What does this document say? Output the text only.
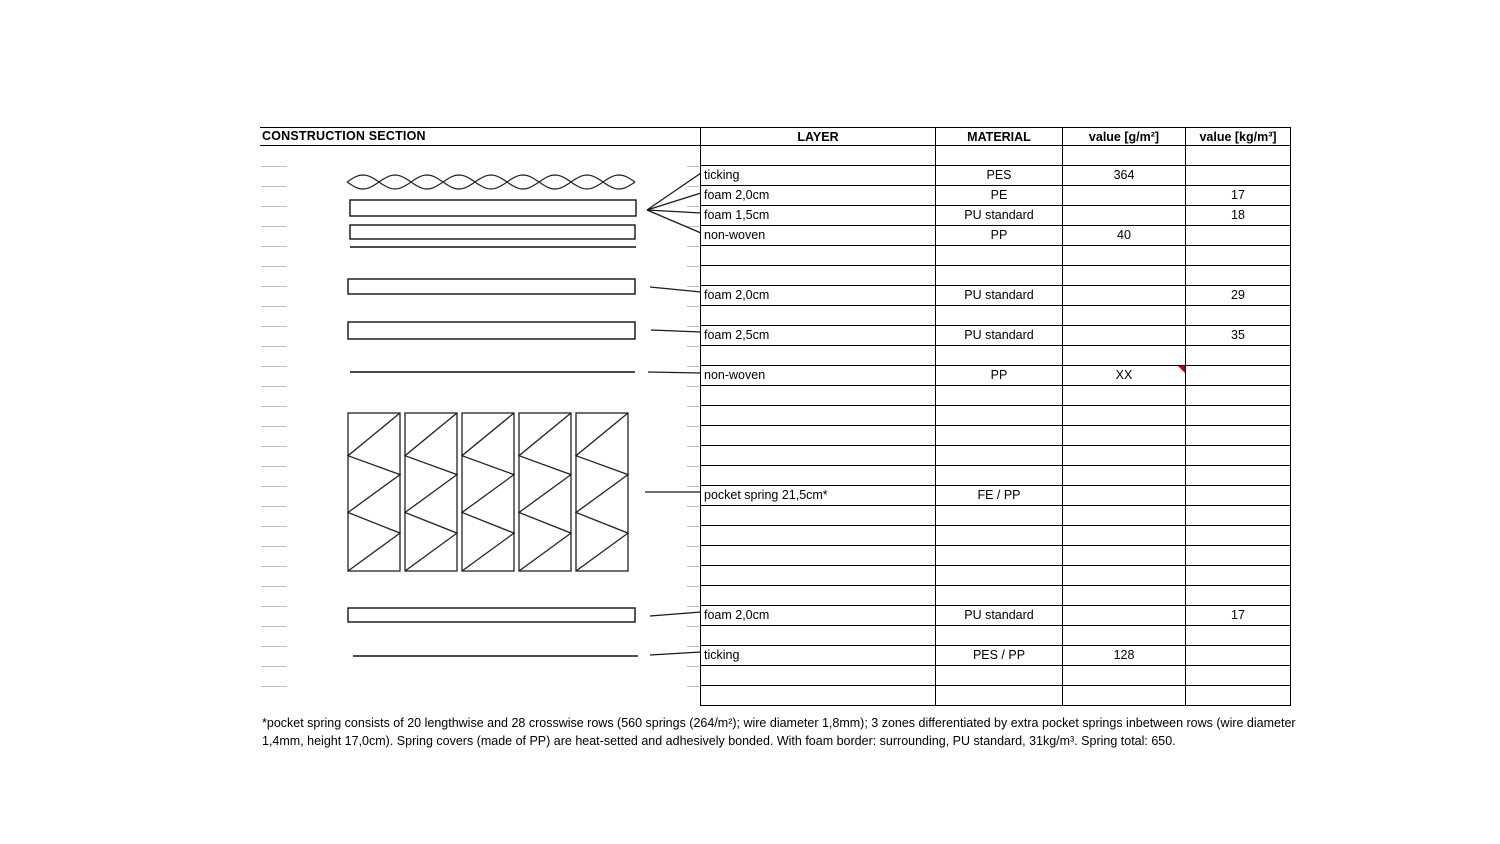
CONSTRUCTION SECTION	LAYER	MATERIAL	value [g/m²]	value [kg/m³]

ticking	PES	364	
foam 2,0cm	PE		17
foam 1,5cm	PU standard		18
non-woven	PP	40	

foam 2,0cm	PU standard		29

foam 2,5cm	PU standard		35

non-woven	PP	XX

pocket spring 21,5cm*	FE / PP		

foam 2,0cm	PU standard		17

ticking	PES / PP	128	

*pocket spring consists of 20 lengthwise and 28 crosswise rows (560 springs (264/m²); wire diameter 1,8mm); 3 zones differentiated by extra pocket springs inbetween rows (wire diameter 1,4mm, height 17,0cm). Spring covers (made of PP) are heat-setted and adhesively bonded. With foam border: surrounding, PU standard, 31kg/m³. Spring total: 650.
